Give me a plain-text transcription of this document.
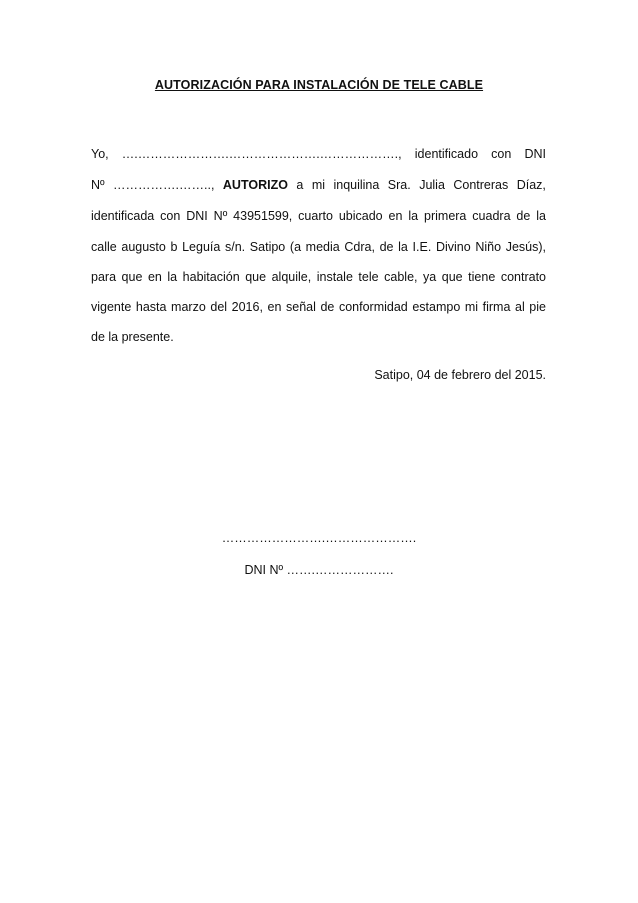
AUTORIZACIÓN PARA INSTALACIÓN DE TELE CABLE
Yo, ….………………….………………….………………., identificado con DNI
Nº …………….…….., AUTORIZO a mi inquilina Sra. Julia Contreras Díaz,
identificada con DNI Nº 43951599, cuarto ubicado en la primera cuadra de la
calle augusto b Leguía s/n. Satipo (a media Cdra, de la I.E. Divino Niño Jesús),
para que en la habitación que alquile, instale tele cable, ya que tiene contrato
vigente hasta marzo del 2016, en señal de conformidad estampo mi firma al pie
de la presente.
Satipo, 04 de febrero del 2015.
…………………….………………….
DNI Nº …….……………….
